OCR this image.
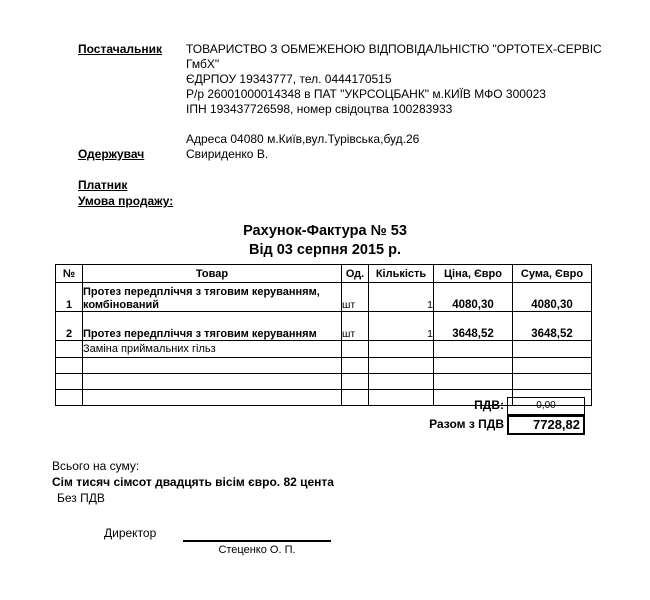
Постачальник	ТОВАРИСТВО З ОБМЕЖЕНОЮ ВІДПОВІДАЛЬНІСТЮ "ОРТОТЕХ-СЕРВІС
ГмбХ"
ЄДРПОУ 19343777, тел. 0444170515
Р/р 26001000014348 в ПАТ "УКРСОЦБАНК" м.КИЇВ МФО 300023
ІПН 193437726598, номер свідоцтва 100283933
Адреса 04080 м.Київ,вул.Турівська,буд.26
Одержувач	Свириденко В.
Платник
Умова продажу:
Рахунок-Фактура № 53
Від 03 серпня 2015 р.
№	Товар	Од.	Кількість	Ціна, Євро	Сума, Євро
1	Протез передпліччя з тяговим керуванням, комбінований	шт	1	4080,30	4080,30
2	Протез передпліччя з тяговим керуванням	шт	1	3648,52	3648,52
	Заміна приймальних гільз				

ПДВ:	0,00
Разом з ПДВ	7728,82
Всього на суму:
Сім тисяч сімсот двадцять вісім євро. 82 цента
Без ПДВ
Директор
Стеценко О. П.
